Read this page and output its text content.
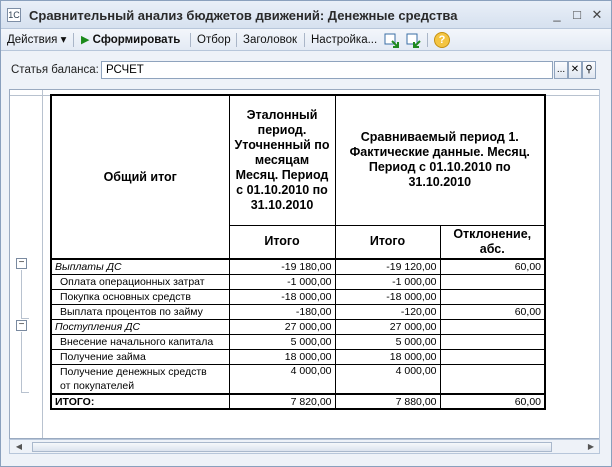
1C Сравнительный анализ бюджетов движений: Денежные средства	_ □ ✕
Действия ▾ ▶ Сформировать Отбор Заголовок Настройка...	?
Статья баланса: РСЧЕТ	... ✕ ⚲
−
−
Общий итог	Эталонный период. Уточненный по месяцам Месяц. Период с 01.10.2010 по 31.10.2010	Сравниваемый период 1. Фактические данные. Месяц. Период с 01.10.2010 по 31.10.2010	
	Итого	Итого	Отклонение, абс.
Выплаты ДС	-19 180,00	-19 120,00	60,00
Оплата операционных затрат	-1 000,00	-1 000,00	
Покупка основных средств	-18 000,00	-18 000,00	
Выплата процентов по займу	-180,00	-120,00	60,00
Поступления ДС	27 000,00	27 000,00	
Внесение начального капитала	5 000,00	5 000,00	
Получение займа	18 000,00	18 000,00	

Получение денежных средств
от покупателей	4 000,00	4 000,00	
ИТОГО:	7 820,00	7 880,00	60,00
◀	▶
